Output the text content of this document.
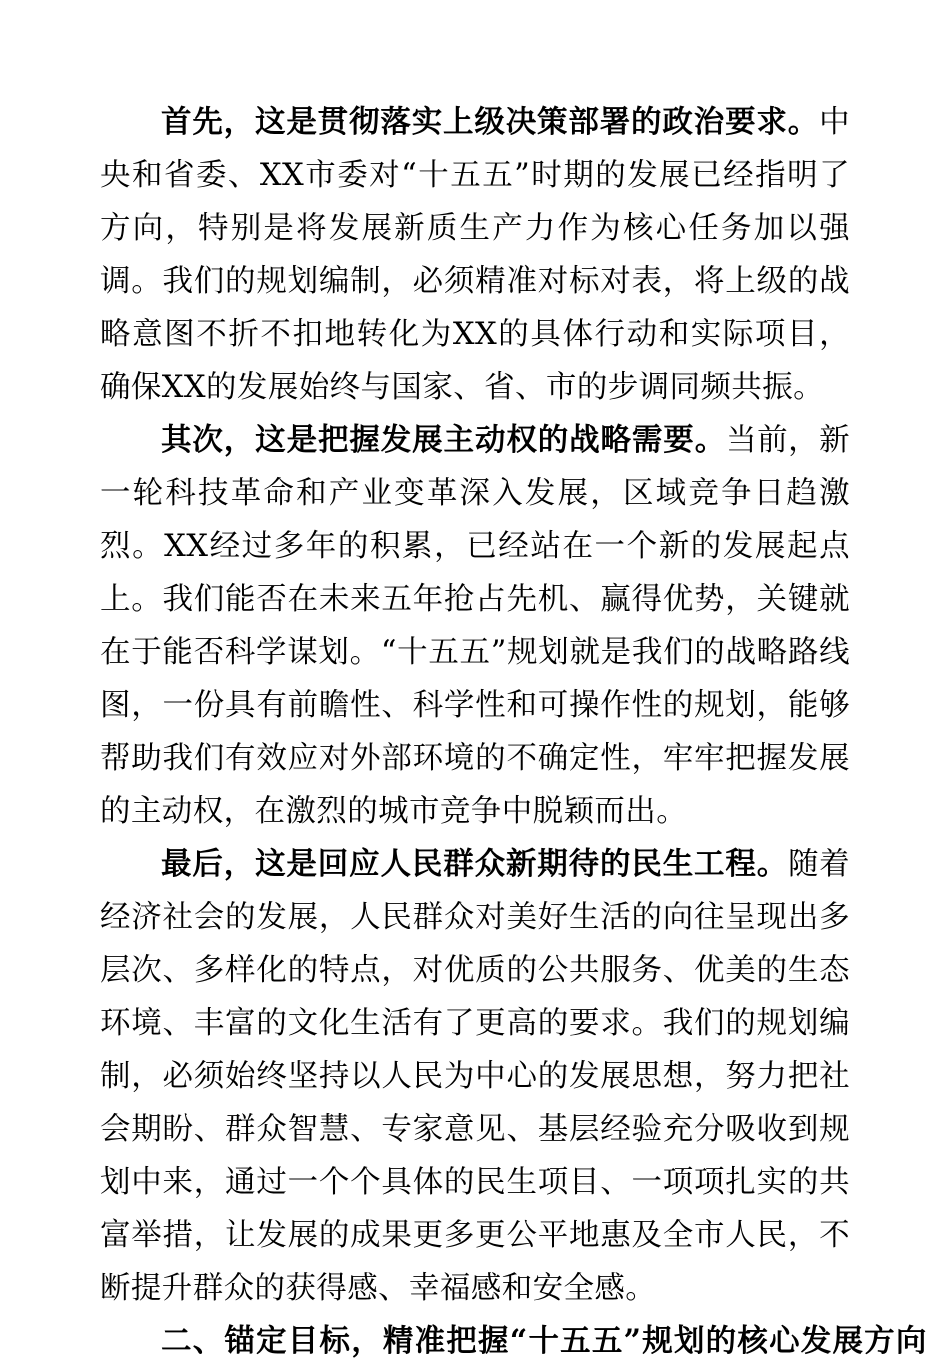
首先，这是贯彻落实上级决策部署的政治要求。中央和省委、XX市委对“十五五”时期的发展已经指明了方向，特别是将发展新质生产力作为核心任务加以强调。我们的规划编制，必须精准对标对表，将上级的战略意图不折不扣地转化为XX的具体行动和实际项目，确保XX的发展始终与国家、省、市的步调同频共振。

其次，这是把握发展主动权的战略需要。当前，新一轮科技革命和产业变革深入发展，区域竞争日趋激烈。XX经过多年的积累，已经站在一个新的发展起点上。我们能否在未来五年抢占先机、赢得优势，关键就在于能否科学谋划。“十五五”规划就是我们的战略路线图，一份具有前瞻性、科学性和可操作性的规划，能够帮助我们有效应对外部环境的不确定性，牢牢把握发展的主动权，在激烈的城市竞争中脱颖而出。

最后，这是回应人民群众新期待的民生工程。随着经济社会的发展，人民群众对美好生活的向往呈现出多层次、多样化的特点，对优质的公共服务、优美的生态环境、丰富的文化生活有了更高的要求。我们的规划编制，必须始终坚持以人民为中心的发展思想，努力把社会期盼、群众智慧、专家意见、基层经验充分吸收到规划中来，通过一个个具体的民生项目、一项项扎实的共富举措，让发展的成果更多更公平地惠及全市人民，不断提升群众的获得感、幸福感和安全感。

二、锚定目标，精准把握“十五五”规划的核心发展方向
